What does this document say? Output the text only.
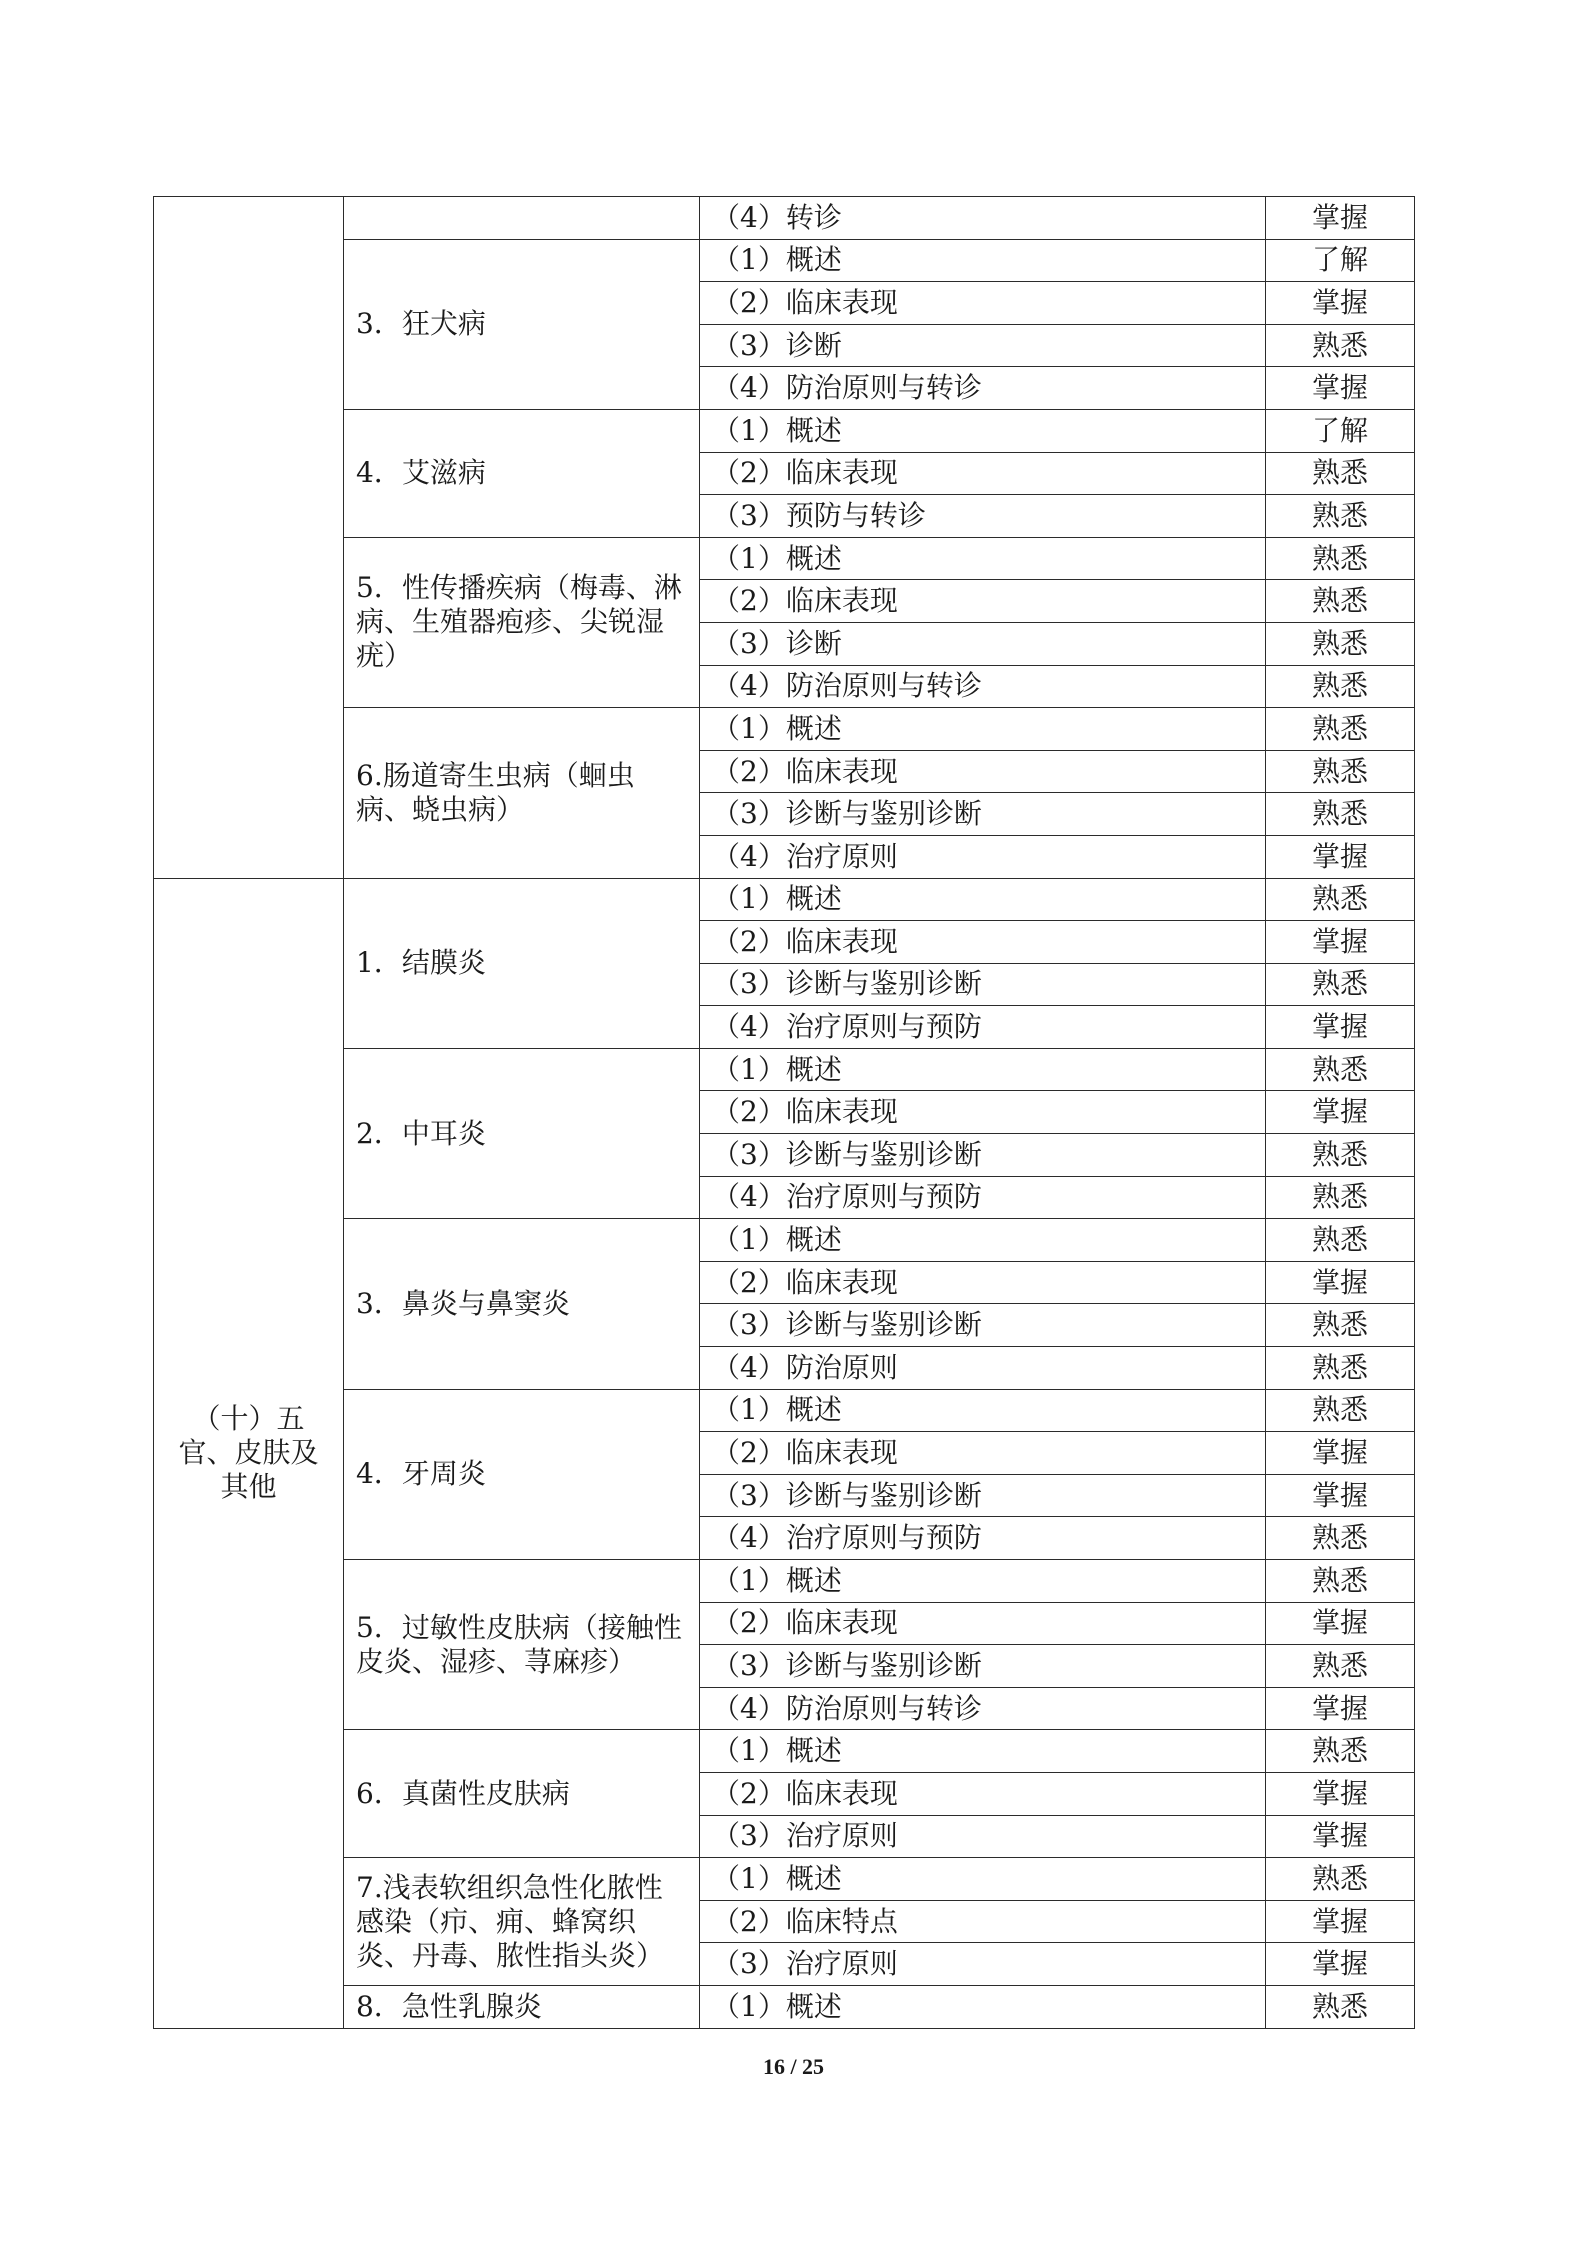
		（4）转诊	掌握
	3．狂犬病	（1）概述	了解
		（2）临床表现	掌握
		（3）诊断	熟悉
		（4）防治原则与转诊	掌握
	4．艾滋病	（1）概述	了解
		（2）临床表现	熟悉
		（3）预防与转诊	熟悉
	5．性传播疾病（梅毒、淋病、生殖器疱疹、尖锐湿疣）	（1）概述	熟悉
		（2）临床表现	熟悉
		（3）诊断	熟悉
		（4）防治原则与转诊	熟悉
	6.肠道寄生虫病（蛔虫病、蛲虫病）	（1）概述	熟悉
		（2）临床表现	熟悉
		（3）诊断与鉴别诊断	熟悉
		（4）治疗原则	掌握
（十）五官、皮肤及其他	1．结膜炎	（1）概述	熟悉
		（2）临床表现	掌握
		（3）诊断与鉴别诊断	熟悉
		（4）治疗原则与预防	掌握
	2．中耳炎	（1）概述	熟悉
		（2）临床表现	掌握
		（3）诊断与鉴别诊断	熟悉
		（4）治疗原则与预防	熟悉
	3．鼻炎与鼻窦炎	（1）概述	熟悉
		（2）临床表现	掌握
		（3）诊断与鉴别诊断	熟悉
		（4）防治原则	熟悉
	4．牙周炎	（1）概述	熟悉
		（2）临床表现	掌握
		（3）诊断与鉴别诊断	掌握
		（4）治疗原则与预防	熟悉
	5．过敏性皮肤病（接触性皮炎、湿疹、荨麻疹）	（1）概述	熟悉
		（2）临床表现	掌握
		（3）诊断与鉴别诊断	熟悉
		（4）防治原则与转诊	掌握
	6．真菌性皮肤病	（1）概述	熟悉
		（2）临床表现	掌握
		（3）治疗原则	掌握
	7.浅表软组织急性化脓性感染（疖、痈、蜂窝织炎、丹毒、脓性指头炎）	（1）概述	熟悉
		（2）临床特点	掌握
		（3）治疗原则	掌握
	8．急性乳腺炎	（1）概述	熟悉
16 / 25
